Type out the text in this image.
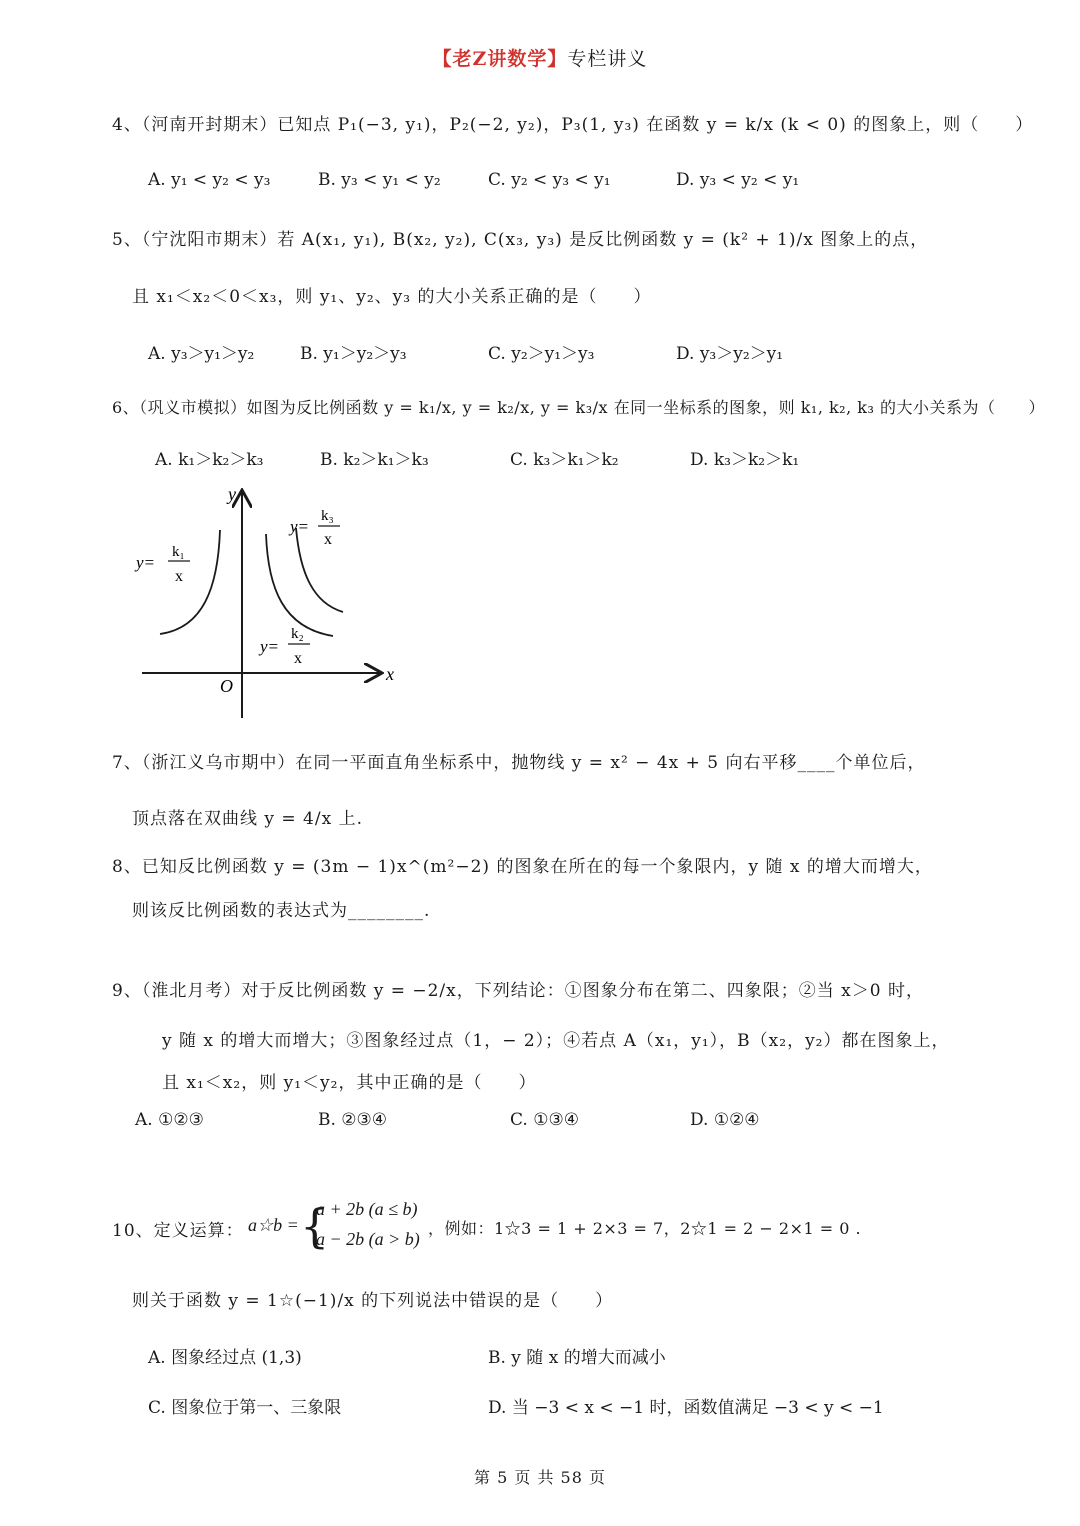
【老Z讲数学】专栏讲义
4、（河南开封期末）已知点 P₁(−3, y₁)，P₂(−2, y₂)，P₃(1, y₃) 在函数 y = k/x (k < 0) 的图象上，则（　　）
A. y₁ < y₂ < y₃	B. y₃ < y₁ < y₂	C. y₂ < y₃ < y₁	D. y₃ < y₂ < y₁
5、（宁沈阳市期末）若 A(x₁, y₁), B(x₂, y₂), C(x₃, y₃) 是反比例函数 y = (k² + 1)/x 图象上的点，
且 x₁＜x₂＜0＜x₃，则 y₁、y₂、y₃ 的大小关系正确的是（　　）
A. y₃＞y₁＞y₂	B. y₁＞y₂＞y₃	C. y₂＞y₁＞y₃	D. y₃＞y₂＞y₁
6、（巩义市模拟）如图为反比例函数 y = k₁/x, y = k₂/x, y = k₃/x 在同一坐标系的图象，则 k₁, k₂, k₃ 的大小关系为（　　）
A. k₁＞k₂＞k₃	B. k₂＞k₁＞k₃	C. k₃＞k₁＞k₂	D. k₃＞k₂＞k₁
y
x
O
y=
k₁
x
y=
k₂
x
y=
k₃
x
7、（浙江义乌市期中）在同一平面直角坐标系中，抛物线 y = x² − 4x + 5 向右平移____个单位后，
顶点落在双曲线 y = 4/x 上.
8、已知反比例函数 y = (3m − 1)x^(m²−2) 的图象在所在的每一个象限内，y 随 x 的增大而增大，
则该反比例函数的表达式为________.
9、（淮北月考）对于反比例函数 y = −2/x，下列结论：①图象分布在第二、四象限；②当 x＞0 时，
y 随 x 的增大而增大；③图象经过点（1，− 2）；④若点 A（x₁，y₁），B（x₂，y₂）都在图象上，
且 x₁＜x₂，则 y₁＜y₂，其中正确的是（　　）
A. ①②③	B. ②③④	C. ①③④	D. ①②④
10、定义运算： a☆b = {
a + 2b (a ≤ b)
a − 2b (a > b)
，例如：1☆3 = 1 + 2×3 = 7，2☆1 = 2 − 2×1 = 0 .
则关于函数 y = 1☆(−1)/x 的下列说法中错误的是（　　）
A. 图象经过点 (1,3)	B. y 随 x 的增大而减小
C. 图象位于第一、三象限	D. 当 −3 < x < −1 时，函数值满足 −3 < y < −1
第 5 页 共 58 页
